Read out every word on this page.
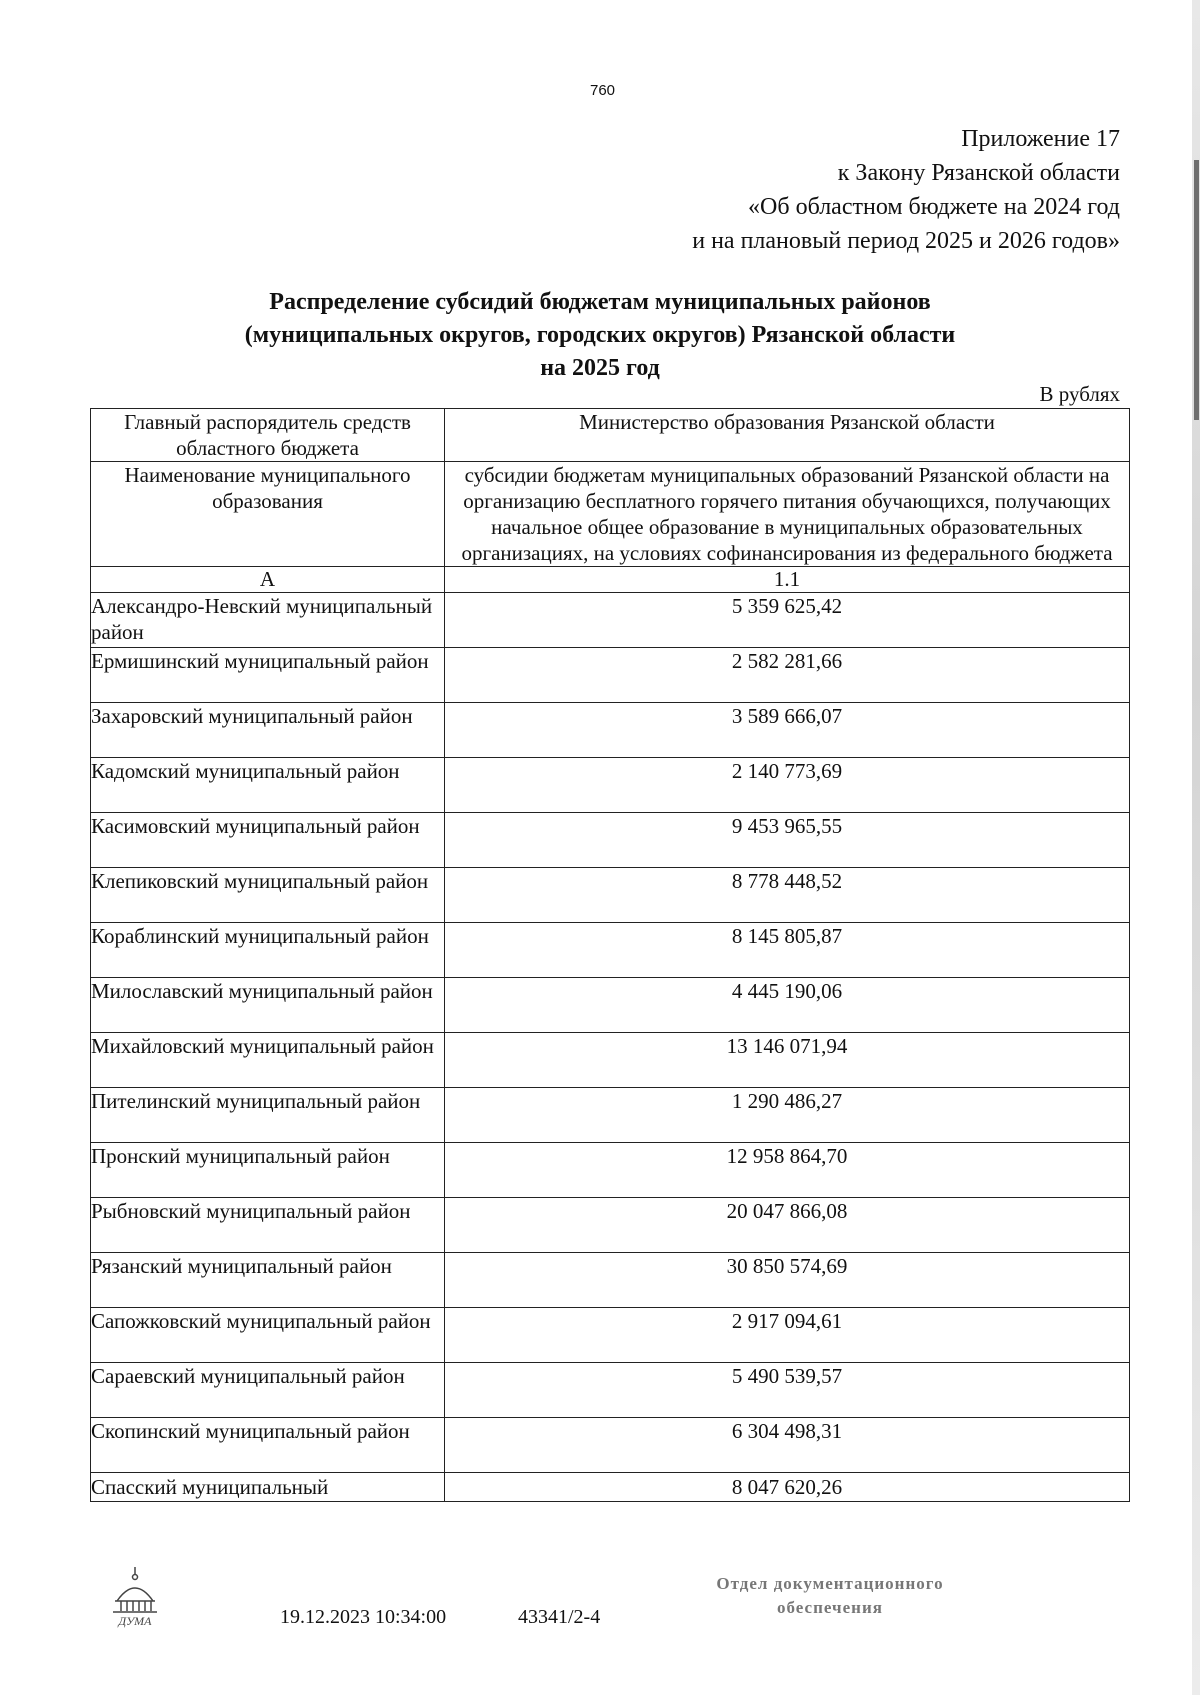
760
Приложение 17
к Закону Рязанской области
«Об областном бюджете на 2024 год
и на плановый период 2025 и 2026 годов»
Распределение субсидий бюджетам муниципальных районов
(муниципальных округов, городских округов) Рязанской области
на 2025 год
В рублях
Главный распорядитель средств областного бюджета	Министерство образования Рязанской области
Наименование муниципального образования	субсидии бюджетам муниципальных образований Рязанской области на организацию бесплатного горячего питания обучающихся, получающих начальное общее образование в муниципальных образовательных организациях, на условиях софинансирования из федерального бюджета
А	1.1
Александро-Невский муниципальный район	5 359 625,42
Ермишинский муниципальный район	2 582 281,66
Захаровский муниципальный район	3 589 666,07
Кадомский муниципальный район	2 140 773,69
Касимовский муниципальный район	9 453 965,55
Клепиковский муниципальный район	8 778 448,52
Кораблинский муниципальный район	8 145 805,87
Милославский муниципальный район	4 445 190,06
Михайловский муниципальный район	13 146 071,94
Пителинский муниципальный район	1 290 486,27
Пронский муниципальный район	12 958 864,70
Рыбновский муниципальный район	20 047 866,08
Рязанский муниципальный район	30 850 574,69
Сапожковский муниципальный район	2 917 094,61
Сараевский муниципальный район	5 490 539,57
Скопинский муниципальный район	6 304 498,31
Спасский муниципальный	8 047 620,26
ДУМА	19.12.2023 10:34:00	43341/2-4
Отдел документационного
обеспечения
